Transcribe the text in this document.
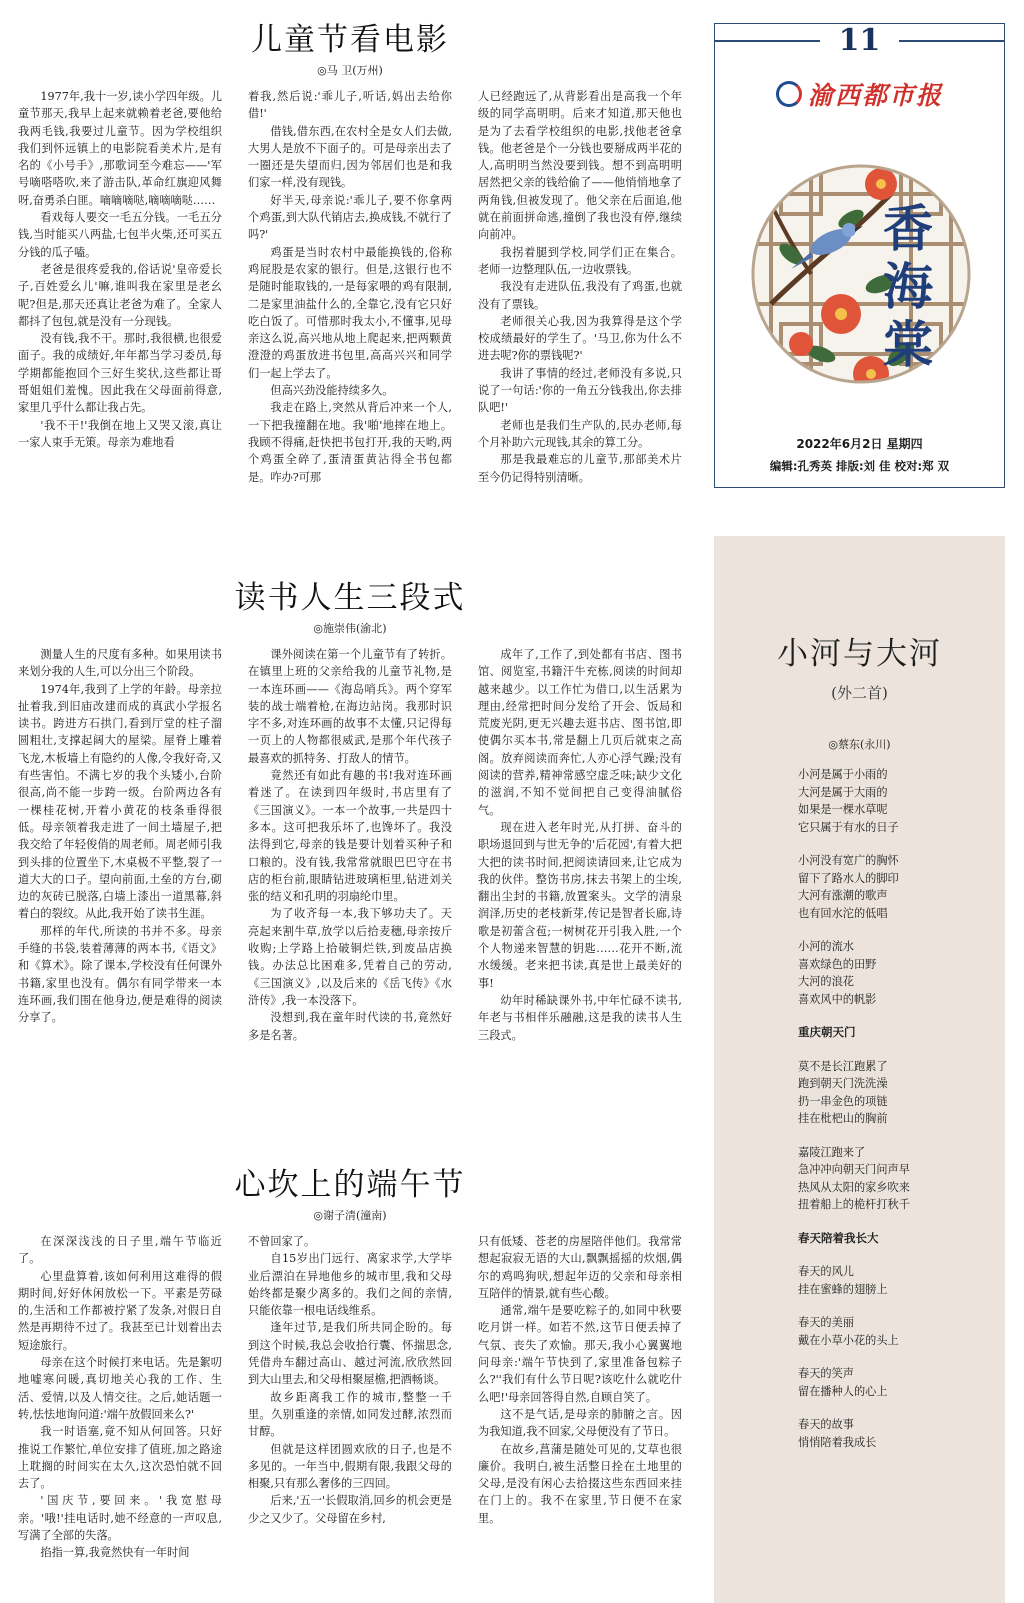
儿童节看电影
◎马 卫(万州)

1977年,我十一岁,读小学四年级。儿童节那天,我早上起来就赖着老爸,要他给我两毛钱,我要过儿童节。因为学校组织我们到怀远镇上的电影院看美术片,是有名的《小号手》,那歌词至今难忘——'军号嘀嗒嗒吹,来了游击队,革命红旗迎风舞呀,奋勇杀白匪。嘀嘀嘀哒,嘀嘀嘀哒……

看戏每人要交一毛五分钱。一毛五分钱,当时能买八两盐,七包半火柴,还可买五分钱的瓜子嗑。

老爸是很疼爱我的,俗话说'皇帝爱长子,百姓爱幺儿'嘛,谁叫我在家里是老幺呢?但是,那天还真让老爸为难了。全家人都抖了包包,就是没有一分现钱。

没有钱,我不干。那时,我很横,也很爱面子。我的成绩好,年年都当学习委员,每学期都能抱回个三好生奖状,这些都让哥哥姐姐们羞愧。因此我在父母面前得意,家里几乎什么都让我占先。

'我不干!'我倒在地上又哭又滚,真让一家人束手无策。母亲为难地看

着我,然后说:'乖儿子,听话,妈出去给你借!'

借钱,借东西,在农村全是女人们去做,大男人是放不下面子的。可是母亲出去了一圈还是失望而归,因为邻居们也是和我们家一样,没有现钱。

好半天,母亲说:'乖儿子,要不你拿两个鸡蛋,到大队代销店去,换成钱,不就行了吗?'

鸡蛋是当时农村中最能换钱的,俗称鸡屁股是农家的银行。但是,这银行也不是随时能取钱的,一是每家喂的鸡有限制,二是家里油盐什么的,全靠它,没有它只好吃白饭了。可惜那时我太小,不懂事,见母亲这么说,高兴地从地上爬起来,把两颗黄澄澄的鸡蛋放进书包里,高高兴兴和同学们一起上学去了。

但高兴劲没能持续多久。

我走在路上,突然从背后冲来一个人,一下把我撞翻在地。我'啪'地摔在地上。我顾不得痛,赶快把书包打开,我的天哟,两个鸡蛋全碎了,蛋清蛋黄沾得全书包都是。咋办?可那

人已经跑远了,从背影看出是高我一个年级的同学高明明。后来才知道,那天他也是为了去看学校组织的电影,找他老爸拿钱。他老爸是个一分钱也要掰成两半花的人,高明明当然没要到钱。想不到高明明居然把父亲的钱给偷了——他悄悄地拿了两角钱,但被发现了。他父亲在后面追,他就在前面拼命逃,撞倒了我也没有停,继续向前冲。

我拐着腿到学校,同学们正在集合。老师一边整理队伍,一边收票钱。

我没有走进队伍,我没有了鸡蛋,也就没有了票钱。

老师很关心我,因为我算得是这个学校成绩最好的学生了。'马卫,你为什么不进去呢?你的票钱呢?'

我讲了事情的经过,老师没有多说,只说了一句话:'你的一角五分钱我出,你去排队吧!'

老师也是我们生产队的,民办老师,每个月补助六元现钱,其余的算工分。

那是我最难忘的儿童节,那部美术片至今仍记得特别清晰。

读书人生三段式
◎施崇伟(渝北)

测量人生的尺度有多种。如果用读书来划分我的人生,可以分出三个阶段。

1974年,我到了上学的年龄。母亲拉扯着我,到旧庙改建而成的真武小学报名读书。跨进方石拱门,看到厅堂的柱子溜圆粗壮,支撑起阔大的屋梁。屋脊上雕着飞龙,木板墙上有隐约的人像,令我好奇,又有些害怕。不满七岁的我个头矮小,台阶很高,尚不能一步跨一级。台阶两边各有一棵桂花树,开着小黄花的枝条垂得很低。母亲领着我走进了一间土墙屋子,把我交给了年轻俊俏的周老师。周老师引我到头排的位置坐下,木桌极不平整,裂了一道大大的口子。望向前面,土垒的方台,砌边的灰砖已脱落,白墙上漆出一道黑幕,斜着白的裂纹。从此,我开始了读书生涯。

那样的年代,所读的书并不多。母亲手缝的书袋,装着薄薄的两本书,《语文》和《算术》。除了课本,学校没有任何课外书籍,家里也没有。偶尔有同学带来一本连环画,我们围在他身边,便是难得的阅读分享了。

课外阅读在第一个儿童节有了转折。在镇里上班的父亲给我的儿童节礼物,是一本连环画——《海岛哨兵》。两个穿军装的战士端着枪,在海边站岗。我那时识字不多,对连环画的故事不太懂,只记得每一页上的人物都很威武,是那个年代孩子最喜欢的抓特务、打敌人的情节。

竟然还有如此有趣的书!我对连环画着迷了。在读到四年级时,书店里有了《三国演义》。一本一个故事,一共是四十多本。这可把我乐坏了,也馋坏了。我没法得到它,母亲的钱是要计划着买种子和口粮的。没有钱,我常常就眼巴巴守在书店的柜台前,眼睛钻进玻璃柜里,钻进刘关张的结义和孔明的羽扇纶巾里。

为了收齐每一本,我下够功夫了。天亮起来割牛草,放学以后拾麦穗,母亲按斤收购;上学路上拾破铜烂铁,到废品店换钱。办法总比困难多,凭着自己的劳动,《三国演义》,以及后来的《岳飞传》《水浒传》,我一本没落下。

没想到,我在童年时代读的书,竟然好多是名著。

成年了,工作了,到处都有书店、图书馆、阅览室,书籍汗牛充栋,阅读的时间却越来越少。以工作忙为借口,以生活累为理由,经常把时间分发给了开会、饭局和荒废光阴,更无兴趣去逛书店、图书馆,即使偶尔买本书,常是翻上几页后就束之高阁。放弃阅读而奔忙,人亦心浮气躁;没有阅读的营养,精神常感空虚乏味;缺少文化的滋润,不知不觉间把自己变得油腻俗气。

现在进入老年时光,从打拼、奋斗的职场退回到与世无争的'后花园',有着大把大把的读书时间,把阅读请回来,让它成为我的伙伴。整饬书房,抹去书架上的尘埃,翻出尘封的书籍,放置案头。文学的清泉润泽,历史的老枝新芽,传记是智者长廊,诗歌是初蕾含苞;一树树花开引我入胜,一个个人物递来智慧的钥匙……花开不断,流水缓缓。老来把书读,真是世上最美好的事!

幼年时稀缺课外书,中年忙碌不读书,年老与书相伴乐融融,这是我的读书人生三段式。

心坎上的端午节
◎谢子清(潼南)

在深深浅浅的日子里,端午节临近了。

心里盘算着,该如何利用这难得的假期时间,好好休闲放松一下。平素是劳碌的,生活和工作都被拧紧了发条,对假日自然是再期待不过了。我甚至已计划着出去短途旅行。

母亲在这个时候打来电话。先是絮叨地嘘寒问暖,真切地关心我的工作、生活、爱情,以及人情交往。之后,她话题一转,怯怯地询问道:'端午放假回来么?'

我一时语塞,竟不知从何回答。只好推说工作繁忙,单位安排了值班,加之路途上耽搁的时间实在太久,这次恐怕就不回去了。

'国庆节,要回来。'我宽慰母亲。'哦!'挂电话时,她不经意的一声叹息,写满了全部的失落。

掐指一算,我竟然快有一年时间

不曾回家了。

自15岁出门远行、离家求学,大学毕业后漂泊在异地他乡的城市里,我和父母始终都是聚少离多的。我们之间的亲情,只能依靠一根电话线维系。

逢年过节,是我们所共同企盼的。每到这个时候,我总会收拾行囊、怀揣思念,凭借舟车翻过高山、越过河流,欣欣然回到大山里去,和父母相聚屋檐,把酒畅谈。

故乡距离我工作的城市,整整一千里。久别重逢的亲情,如同发过酵,浓烈而甘醇。

但就是这样团圆欢欣的日子,也是不多见的。一年当中,假期有限,我跟父母的相聚,只有那么奢侈的三四回。

后来,'五一'长假取消,回乡的机会更是少之又少了。父母留在乡村,

只有低矮、苍老的房屋陪伴他们。我常常想起寂寂无语的大山,飘飘摇摇的炊烟,偶尔的鸡鸣狗吠,想起年迈的父亲和母亲相互陪伴的情景,就有些心酸。

通常,端午是要吃粽子的,如同中秋要吃月饼一样。如若不然,这节日便丢掉了气氛、丧失了欢愉。那天,我小心翼翼地问母亲:'端午节快到了,家里准备包粽子么?''我们有什么节日呢?该吃什么就吃什么吧!'母亲回答得自然,自顾自笑了。

这不是气话,是母亲的肺腑之言。因为我知道,我不回家,父母便没有了节日。

在故乡,菖蒲是随处可见的,艾草也很廉价。我明白,被生活整日拴在土地里的父母,是没有闲心去拾掇这些东西回来挂在门上的。我不在家里,节日便不在家里。

11
渝西都市报
2022年6月2日 星期四
编辑:孔秀英 排版:刘 佳 校对:郑 双
香
海
棠
小河与大河
(外二首)
◎蔡东(永川)
小河是属于小雨的
大河是属于大雨的
如果是一棵水草呢
它只属于有水的日子
小河没有宽广的胸怀
留下了路水人的脚印
大河有涨潮的歌声
也有回水沱的低唱
小河的流水
喜欢绿色的田野
大河的浪花
喜欢风中的帆影
重庆朝天门
莫不是长江跑累了
跑到朝天门洗洗澡
扔一串金色的项链
挂在枇杷山的胸前
嘉陵江跑来了
急冲冲向朝天门问声早
热风从太阳的家乡吹来
扭着船上的桅杆打秋千
春天陪着我长大
春天的风儿
挂在蜜蜂的翅膀上
春天的美丽
戴在小草小花的头上
春天的笑声
留在播种人的心上
春天的故事
悄悄陪着我成长
